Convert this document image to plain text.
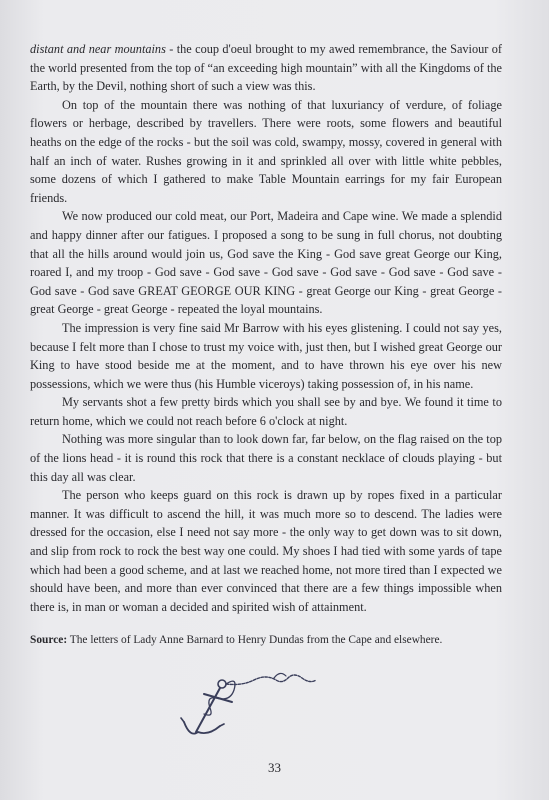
distant and near mountains - the coup d'oeul brought to my awed remembrance, the Saviour of the world presented from the top of “an exceeding high mountain” with all the Kingdoms of the Earth, by the Devil, nothing short of such a view was this.

On top of the mountain there was nothing of that luxuriancy of verdure, of foliage flowers or herbage, described by travellers. There were roots, some flowers and beautiful heaths on the edge of the rocks - but the soil was cold, swampy, mossy, covered in general with half an inch of water. Rushes growing in it and sprinkled all over with little white pebbles, some dozens of which I gathered to make Table Mountain earrings for my fair European friends.

We now produced our cold meat, our Port, Madeira and Cape wine. We made a splendid and happy dinner after our fatigues. I proposed a song to be sung in full chorus, not doubting that all the hills around would join us, God save the King - God save great George our King, roared I, and my troop - God save - God save - God save - God save - God save - God save - God save - God save GREAT GEORGE OUR KING - great George our King - great George - great George - great George - repeated the loyal mountains.

The impression is very fine said Mr Barrow with his eyes glistening. I could not say yes, because I felt more than I chose to trust my voice with, just then, but I wished great George our King to have stood beside me at the moment, and to have thrown his eye over his new possessions, which we were thus (his Humble viceroys) taking possession of, in his name.

My servants shot a few pretty birds which you shall see by and bye. We found it time to return home, which we could not reach before 6 o'clock at night.

Nothing was more singular than to look down far, far below, on the flag raised on the top of the lions head - it is round this rock that there is a constant necklace of clouds playing - but this day all was clear.

The person who keeps guard on this rock is drawn up by ropes fixed in a particular manner. It was difficult to ascend the hill, it was much more so to descend. The ladies were dressed for the occasion, else I need not say more - the only way to get down was to sit down, and slip from rock to rock the best way one could. My shoes I had tied with some yards of tape which had been a good scheme, and at last we reached home, not more tired than I expected we should have been, and more than ever convinced that there are a few things impossible when there is, in man or woman a decided and spirited wish of attainment.

Source: The letters of Lady Anne Barnard to Henry Dundas from the Cape and elsewhere.
33
